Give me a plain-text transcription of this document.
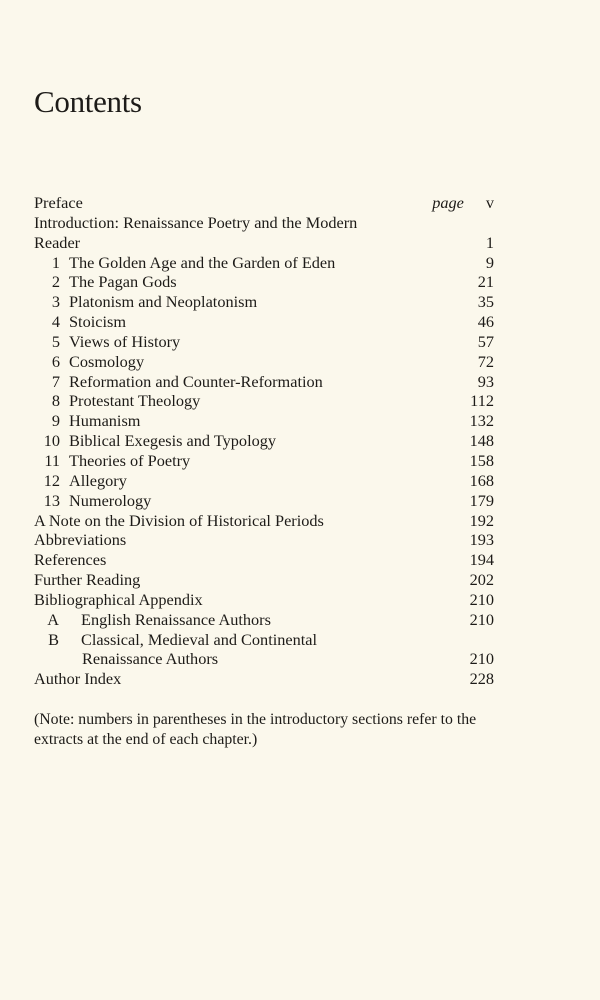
Contents
Preface	page v
Introduction: Renaissance Poetry and the Modern
Reader	1
1 The Golden Age and the Garden of Eden	9
2 The Pagan Gods	21
3 Platonism and Neoplatonism	35
4 Stoicism	46
5 Views of History	57
6 Cosmology	72
7 Reformation and Counter-Reformation	93
8 Protestant Theology	112
9 Humanism	132
10 Biblical Exegesis and Typology	148
11 Theories of Poetry	158
12 Allegory	168
13 Numerology	179
A Note on the Division of Historical Periods	192
Abbreviations	193
References	194
Further Reading	202
Bibliographical Appendix	210
A English Renaissance Authors	210
B Classical, Medieval and Continental
Renaissance Authors	210
Author Index	228

(Note: numbers in parentheses in the introductory sections refer to the extracts at the end of each chapter.)
